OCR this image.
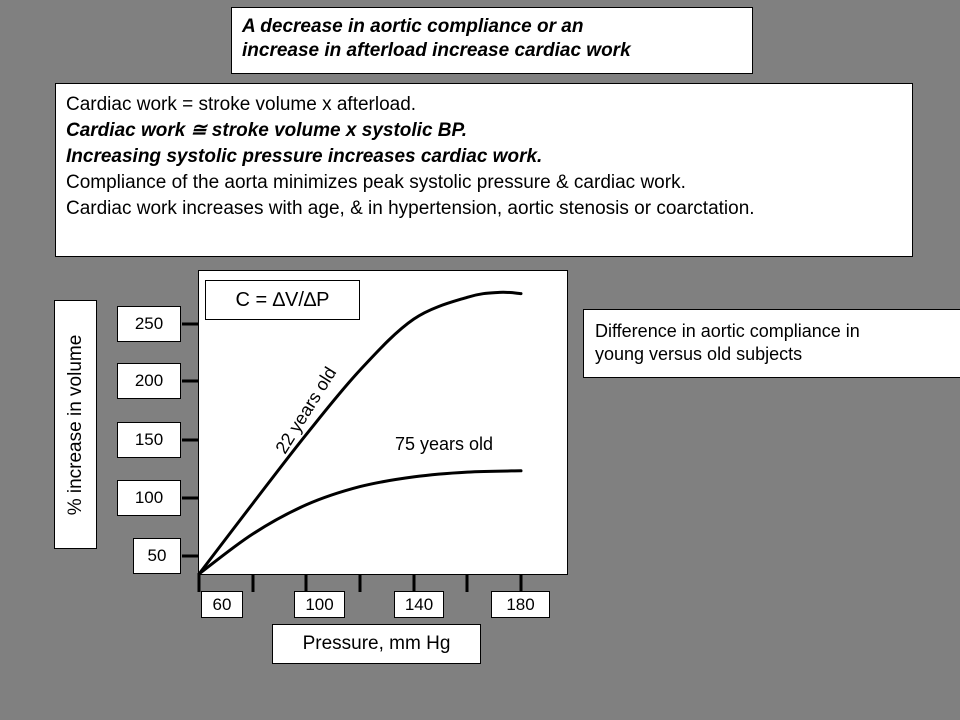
A decrease in aortic compliance or an
increase in afterload increase cardiac work
Cardiac work = stroke volume x afterload.
Cardiac work ≅ stroke volume x systolic BP.
Increasing systolic pressure increases cardiac work.
Compliance of the aorta minimizes peak systolic pressure & cardiac work.
Cardiac work increases with age, & in hypertension, aortic stenosis or coarctation.
Difference in aortic compliance in
young versus old subjects
% increase in volume	22 years old	75 years old
50
100
150
200
250
60	100	140	180
C = ∆V/∆P
Pressure, mm Hg
